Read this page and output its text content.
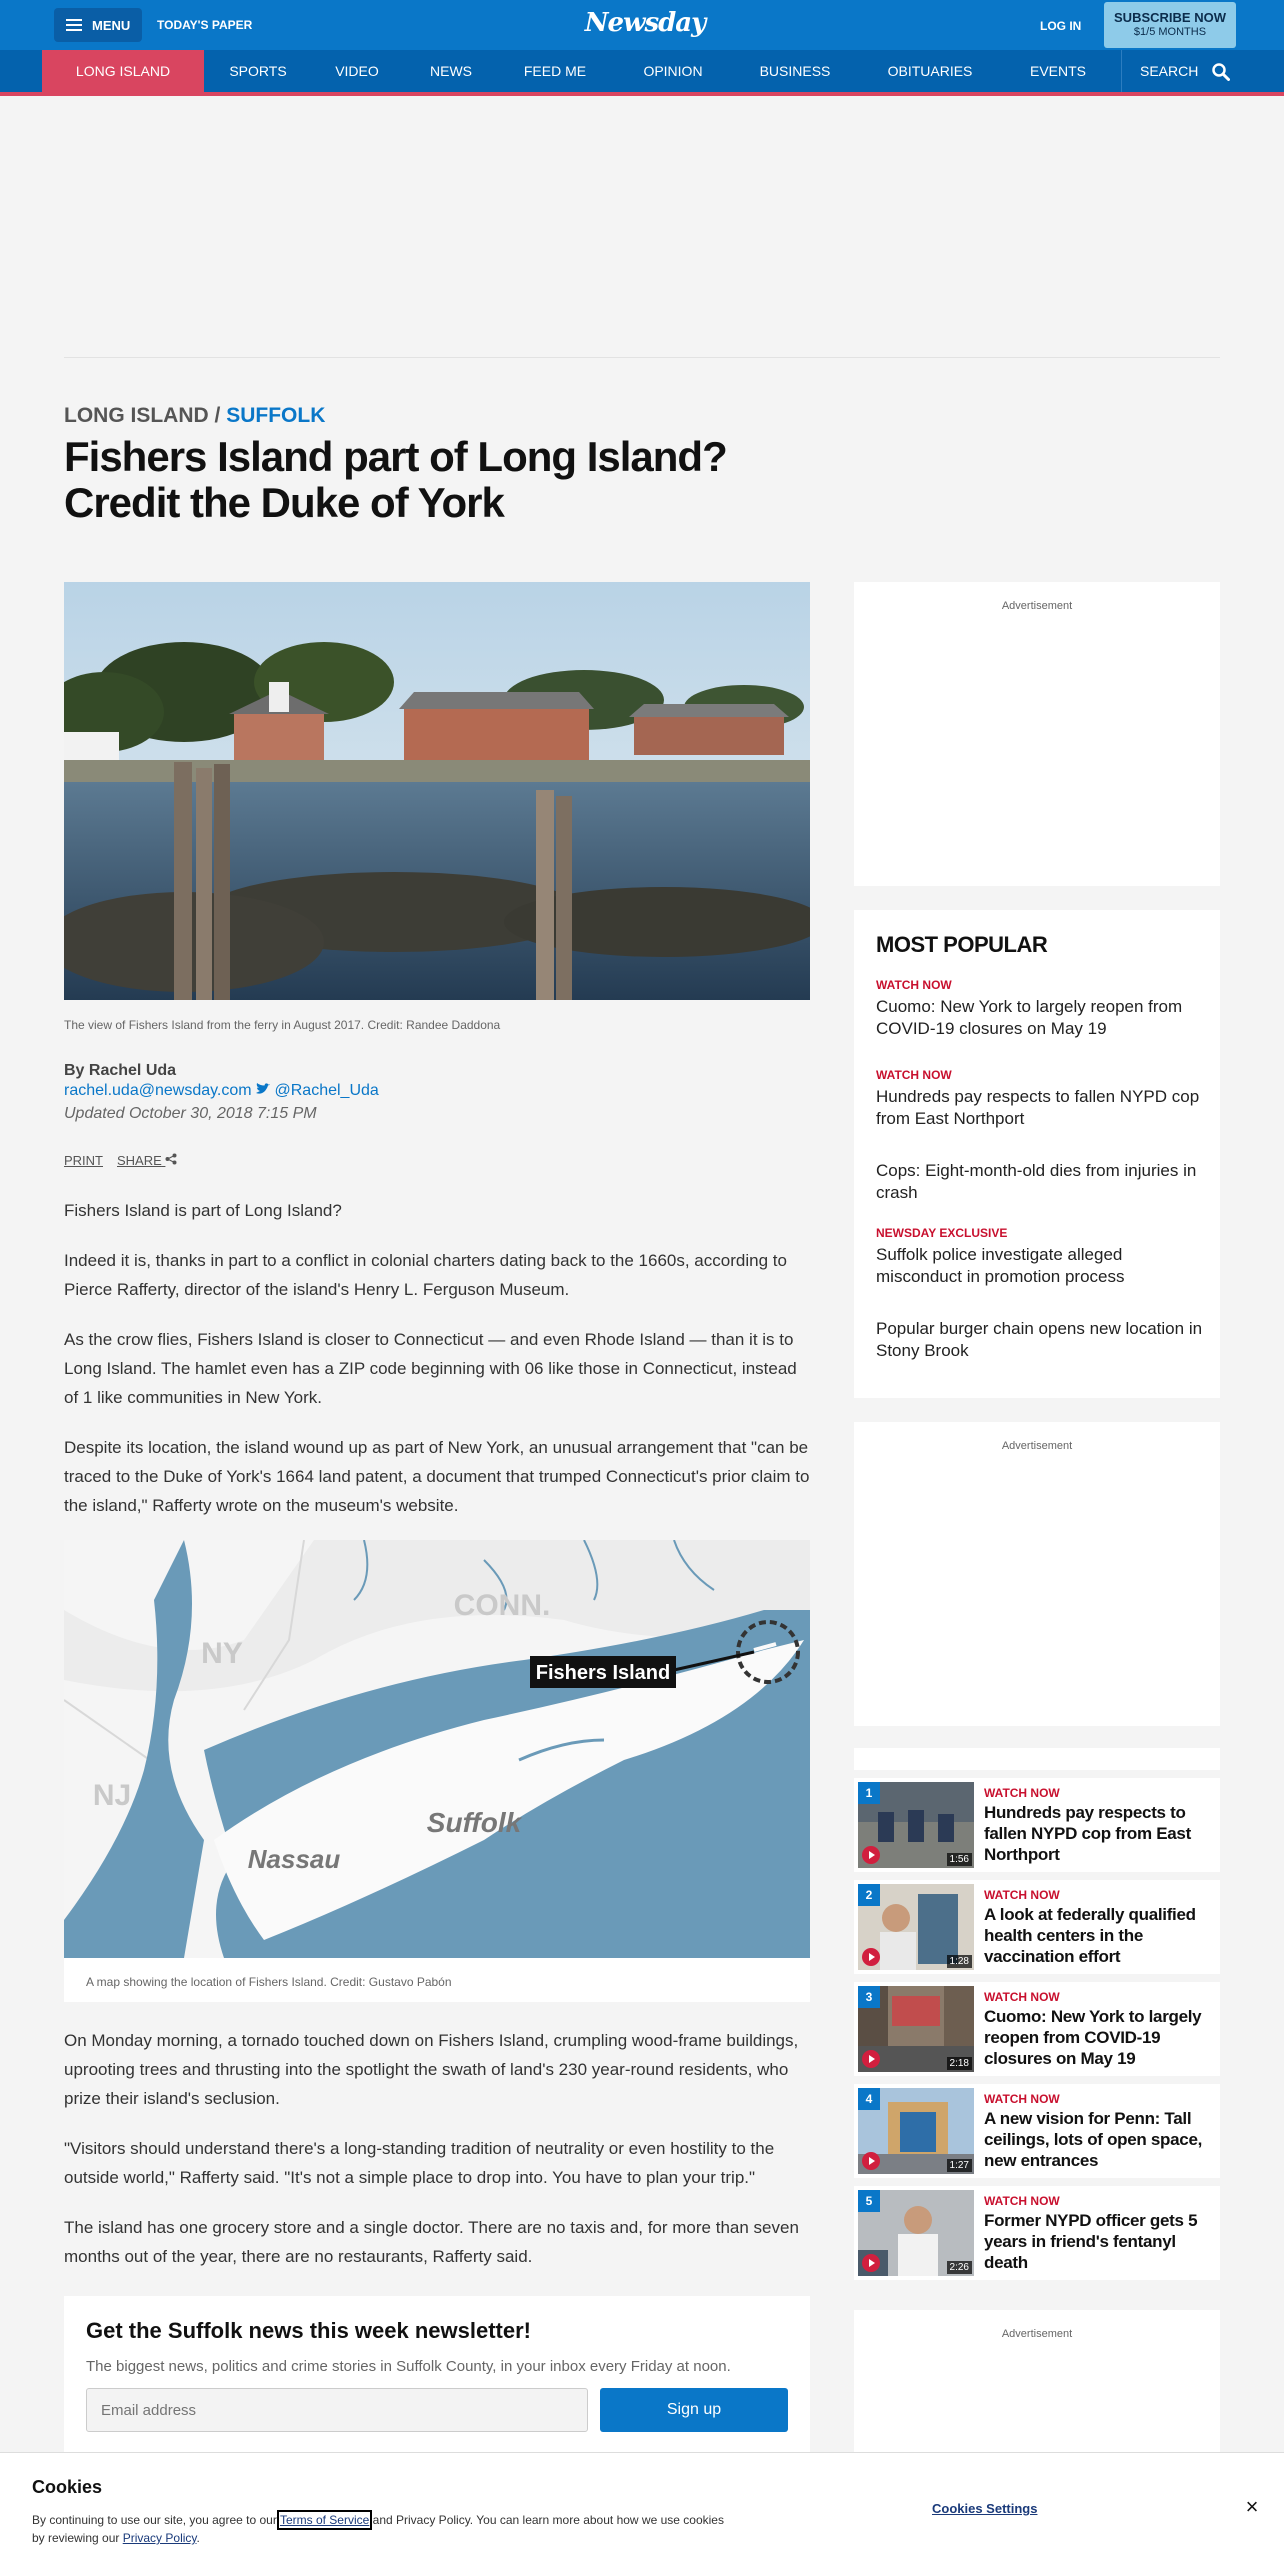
MENU TODAY'S PAPER	Newsday	LOG IN
SUBSCRIBE NOW
$1/5 MONTHS
LONG ISLAND	SPORTS	VIDEO	NEWS	FEED ME	OPINION	BUSINESS	OBITUARIES	EVENTS	SEARCH
LONG ISLAND / SUFFOLK
Fishers Island part of Long Island? Credit the Duke of York
The view of Fishers Island from the ferry in August 2017. Credit: Randee Daddona
By Rachel Uda
rachel.uda@newsday.com @Rachel_Uda
Updated October 30, 2018 7:15 PM
PRINT SHARE

Fishers Island is part of Long Island?

Indeed it is, thanks in part to a conflict in colonial charters dating back to the 1660s, according to Pierce Rafferty, director of the island's Henry L. Ferguson Museum.

As the crow flies, Fishers Island is closer to Connecticut — and even Rhode Island — than it is to Long Island. The hamlet even has a ZIP code beginning with 06 like those in Connecticut, instead of 1 like communities in New York.

Despite its location, the island wound up as part of New York, an unusual arrangement that "can be traced to the Duke of York's 1664 land patent, a document that trumped Connecticut's prior claim to the island," Rafferty wrote on the museum's website.

Fishers Island
NY
CONN.
NJ
Suffolk
Nassau
A map showing the location of Fishers Island. Credit: Gustavo Pabón

On Monday morning, a tornado touched down on Fishers Island, crumpling wood-frame buildings, uprooting trees and thrusting into the spotlight the swath of land's 230 year-round residents, who prize their island's seclusion.

"Visitors should understand there's a long-standing tradition of neutrality or even hostility to the outside world," Rafferty said. "It's not a simple place to drop into. You have to plan your trip."

The island has one grocery store and a single doctor. There are no taxis and, for more than seven months out of the year, there are no restaurants, Rafferty said.

Get the Suffolk news this week newsletter!
The biggest news, politics and crime stories in Suffolk County, in your inbox every Friday at noon.
Email address
Sign up
Advertisement
MOST POPULAR
WATCH NOW
Cuomo: New York to largely reopen from COVID-19 closures on May 19
WATCH NOW
Hundreds pay respects to fallen NYPD cop from East Northport
Cops: Eight-month-old dies from injuries in crash
NEWSDAY EXCLUSIVE
Suffolk police investigate alleged misconduct in promotion process
Popular burger chain opens new location in Stony Brook
Advertisement
1
1:56
WATCH NOW
Hundreds pay respects to fallen NYPD cop from East Northport
2
1:28
WATCH NOW
A look at federally qualified health centers in the vaccination effort
3
2:18
WATCH NOW
Cuomo: New York to largely reopen from COVID-19 closures on May 19
4
1:27
WATCH NOW
A new vision for Penn: Tall ceilings, lots of open space, new entrances
5
2:26
WATCH NOW
Former NYPD officer gets 5 years in friend's fentanyl death
Advertisement
Cookies
By continuing to use our site, you agree to our Terms of Service and Privacy Policy. You can learn more about how we use cookies by reviewing our Privacy Policy.
Cookies Settings	×
